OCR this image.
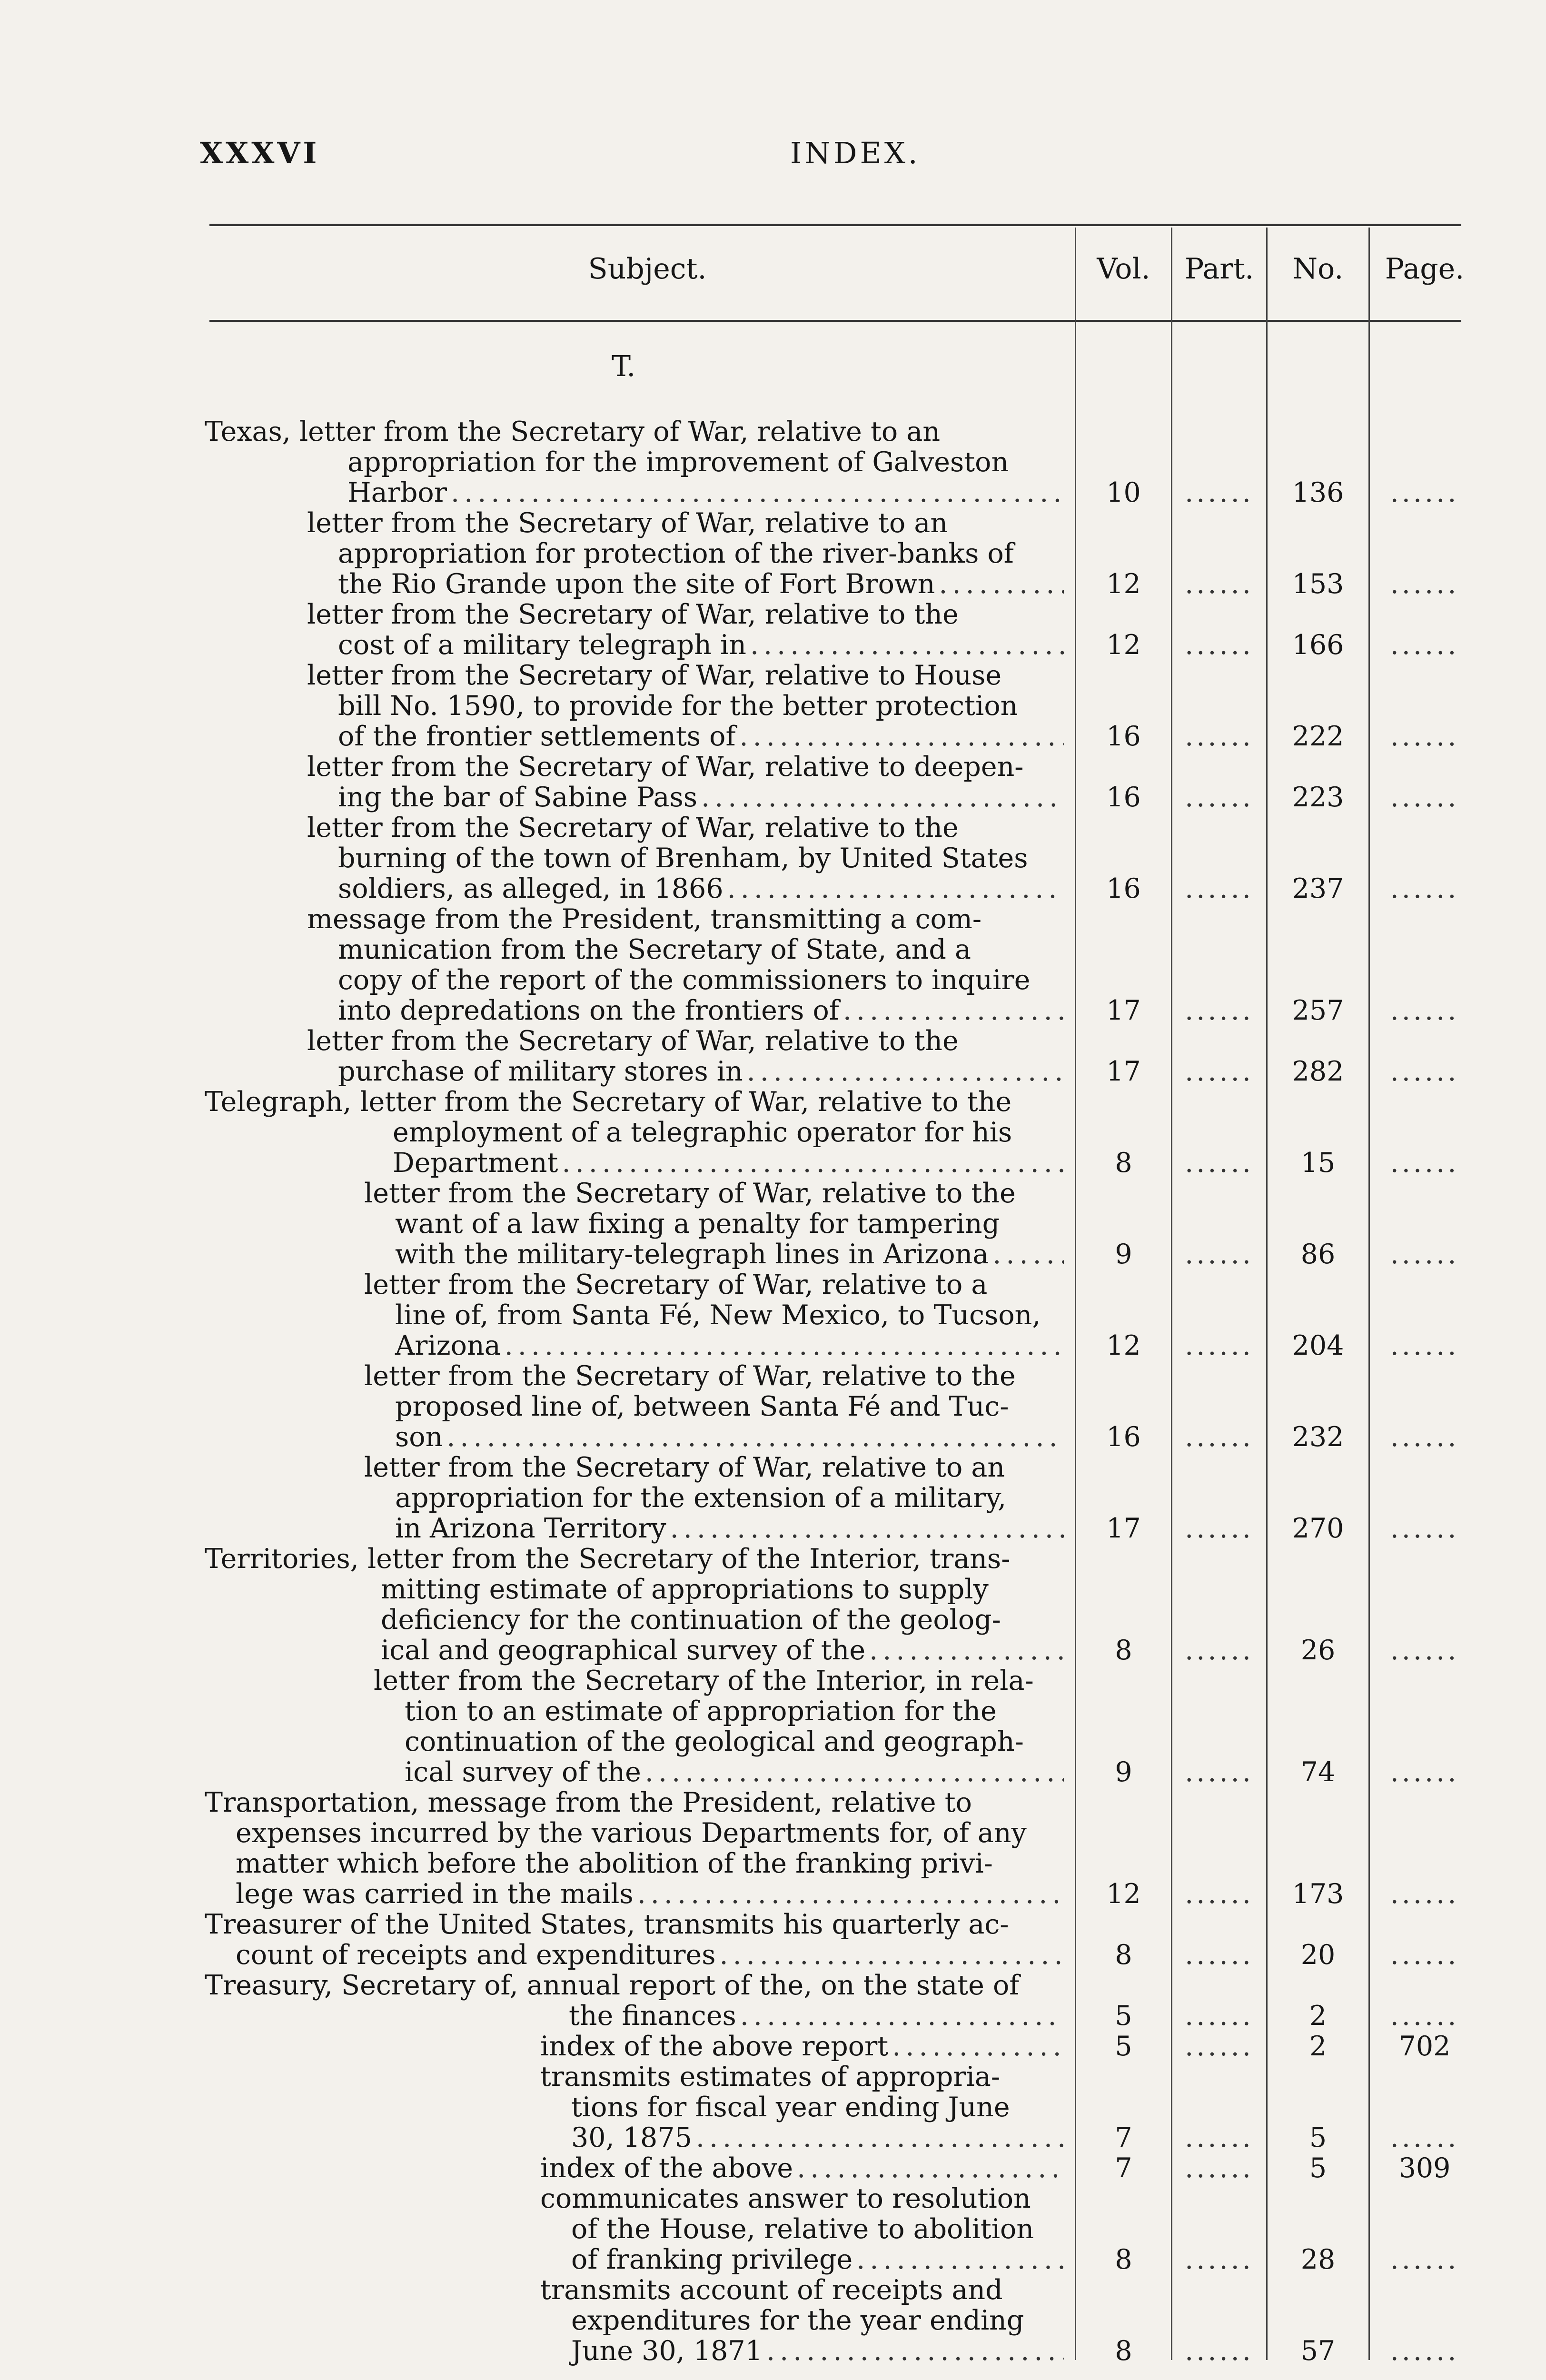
XXXVI	INDEX.
Subject.	Vol.	Part.	No.	Page.
T.
Texas, letter from the Secretary of War, relative to an
appropriation for the improvement of Galveston
Harbor .....	10	......	136	......
letter from the Secretary of War, relative to an
appropriation for protection of the river-banks of
the Rio Grande upon the site of Fort Brown .....	12	......	153	......
letter from the Secretary of War, relative to the
cost of a military telegraph in .....	12	......	166	......
letter from the Secretary of War, relative to House
bill No. 1590, to provide for the better protection
of the frontier settlements of .....	16	......	222	......
letter from the Secretary of War, relative to deepen-
ing the bar of Sabine Pass .....	16	......	223	......
letter from the Secretary of War, relative to the
burning of the town of Brenham, by United States
soldiers, as alleged, in 1866 .....	16	......	237	......
message from the President, transmitting a com-
munication from the Secretary of State, and a
copy of the report of the commissioners to inquire
into depredations on the frontiers of .....	17	......	257	......
letter from the Secretary of War, relative to the
purchase of military stores in .....	17	......	282	......
Telegraph, letter from the Secretary of War, relative to the
employment of a telegraphic operator for his
Department .....	8	......	15	......
letter from the Secretary of War, relative to the
want of a law fixing a penalty for tampering
with the military-telegraph lines in Arizona .....	9	......	86	......
letter from the Secretary of War, relative to a
line of, from Santa Fé, New Mexico, to Tucson,
Arizona .....	12	......	204	......
letter from the Secretary of War, relative to the
proposed line of, between Santa Fé and Tuc-
son .....	16	......	232	......
letter from the Secretary of War, relative to an
appropriation for the extension of a military,
in Arizona Territory .....	17	......	270	......
Territories, letter from the Secretary of the Interior, trans-
mitting estimate of appropriations to supply
deficiency for the continuation of the geolog-
ical and geographical survey of the .....	8	......	26	......
letter from the Secretary of the Interior, in rela-
tion to an estimate of appropriation for the
continuation of the geological and geograph-
ical survey of the .....	9	......	74	......
Transportation, message from the President, relative to
expenses incurred by the various Departments for, of any
matter which before the abolition of the franking privi-
lege was carried in the mails .....	12	......	173	......
Treasurer of the United States, transmits his quarterly ac-
count of receipts and expenditures .....	8	......	20	......
Treasury, Secretary of, annual report of the, on the state of
the finances .....	5	......	2	......
index of the above report .....	5	......	2	702
transmits estimates of appropria-
tions for fiscal year ending June
30, 1875 .....	7	......	5	......
index of the above .....	7	......	5	309
communicates answer to resolution
of the House, relative to abolition
of franking privilege .....	8	......	28	......
transmits account of receipts and
expenditures for the year ending
June 30, 1871 .....	8	......	57	......
